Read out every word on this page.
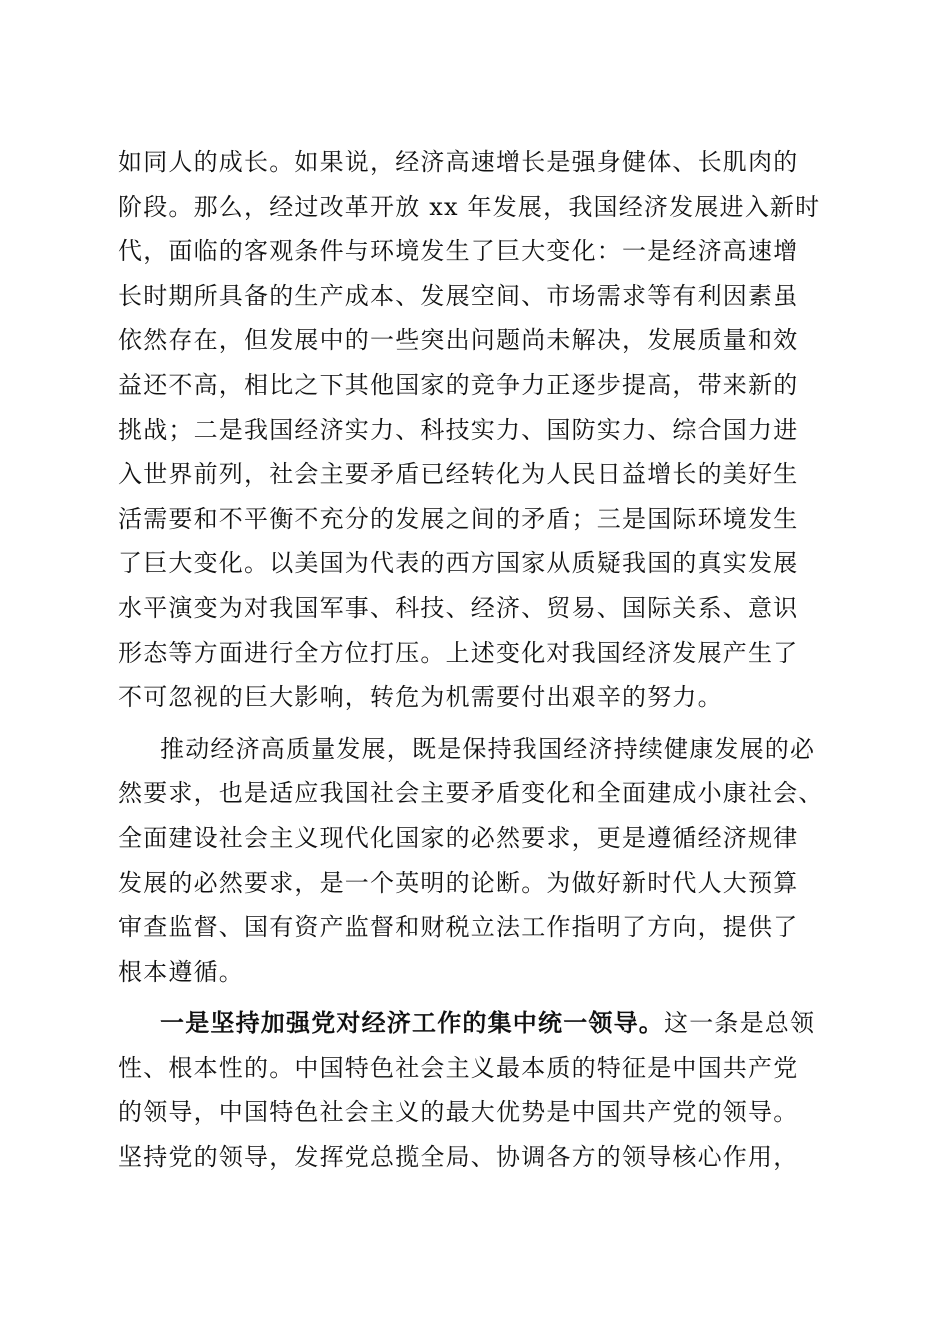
如同人的成长。如果说，经济高速增长是强身健体、长肌肉的
阶段。那么，经过改革开放 xx 年发展，我国经济发展进入新时
代，面临的客观条件与环境发生了巨大变化：一是经济高速增
长时期所具备的生产成本、发展空间、市场需求等有利因素虽
依然存在，但发展中的一些突出问题尚未解决，发展质量和效
益还不高，相比之下其他国家的竞争力正逐步提高，带来新的
挑战；二是我国经济实力、科技实力、国防实力、综合国力进
入世界前列，社会主要矛盾已经转化为人民日益增长的美好生
活需要和不平衡不充分的发展之间的矛盾；三是国际环境发生
了巨大变化。以美国为代表的西方国家从质疑我国的真实发展
水平演变为对我国军事、科技、经济、贸易、国际关系、意识
形态等方面进行全方位打压。上述变化对我国经济发展产生了
不可忽视的巨大影响，转危为机需要付出艰辛的努力。
推动经济高质量发展，既是保持我国经济持续健康发展的必
然要求，也是适应我国社会主要矛盾变化和全面建成小康社会、
全面建设社会主义现代化国家的必然要求，更是遵循经济规律
发展的必然要求，是一个英明的论断。为做好新时代人大预算
审查监督、国有资产监督和财税立法工作指明了方向，提供了
根本遵循。
一是坚持加强党对经济工作的集中统一领导。这一条是总领
性、根本性的。中国特色社会主义最本质的特征是中国共产党
的领导，中国特色社会主义的最大优势是中国共产党的领导。
坚持党的领导，发挥党总揽全局、协调各方的领导核心作用，
